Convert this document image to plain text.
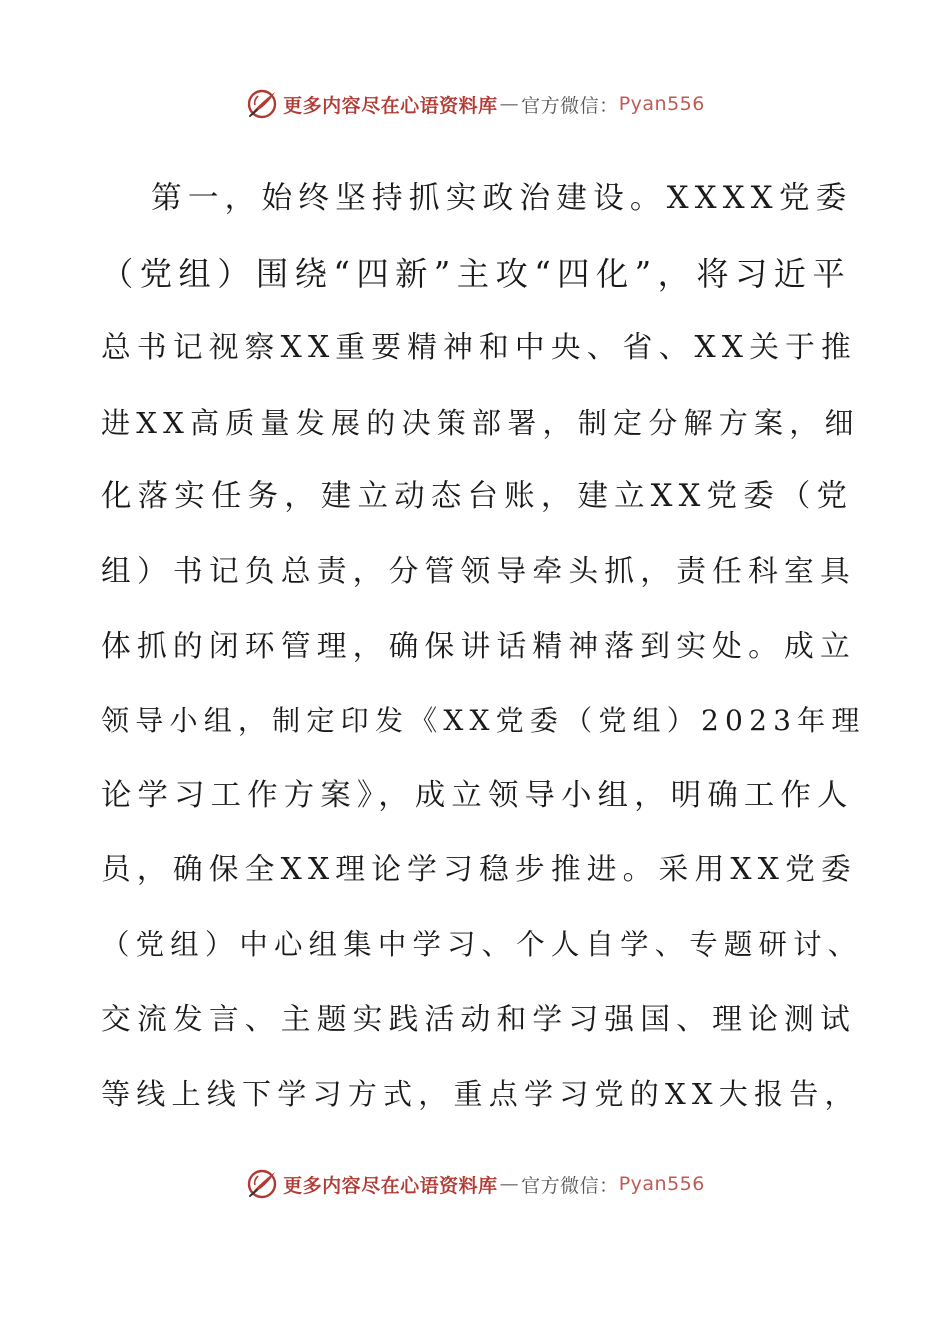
更多内容尽在心语资料库 — 官方微信： Pyan556
第一，始终坚持抓实政治建设。XXXX党委
（党组）围绕“四新”主攻“四化”，将习近平
总书记视察XX重要精神和中央、省、XX关于推
进XX高质量发展的决策部署，制定分解方案，细
化落实任务，建立动态台账，建立XX党委（党
组）书记负总责，分管领导牵头抓，责任科室具
体抓的闭环管理，确保讲话精神落到实处。成立
领导小组，制定印发《XX党委（党组）2023年理
论学习工作方案》，成立领导小组，明确工作人
员，确保全XX理论学习稳步推进。采用XX党委
（党组）中心组集中学习、个人自学、专题研讨、
交流发言、主题实践活动和学习强国、理论测试
等线上线下学习方式，重点学习党的XX大报告，
更多内容尽在心语资料库 — 官方微信： Pyan556
